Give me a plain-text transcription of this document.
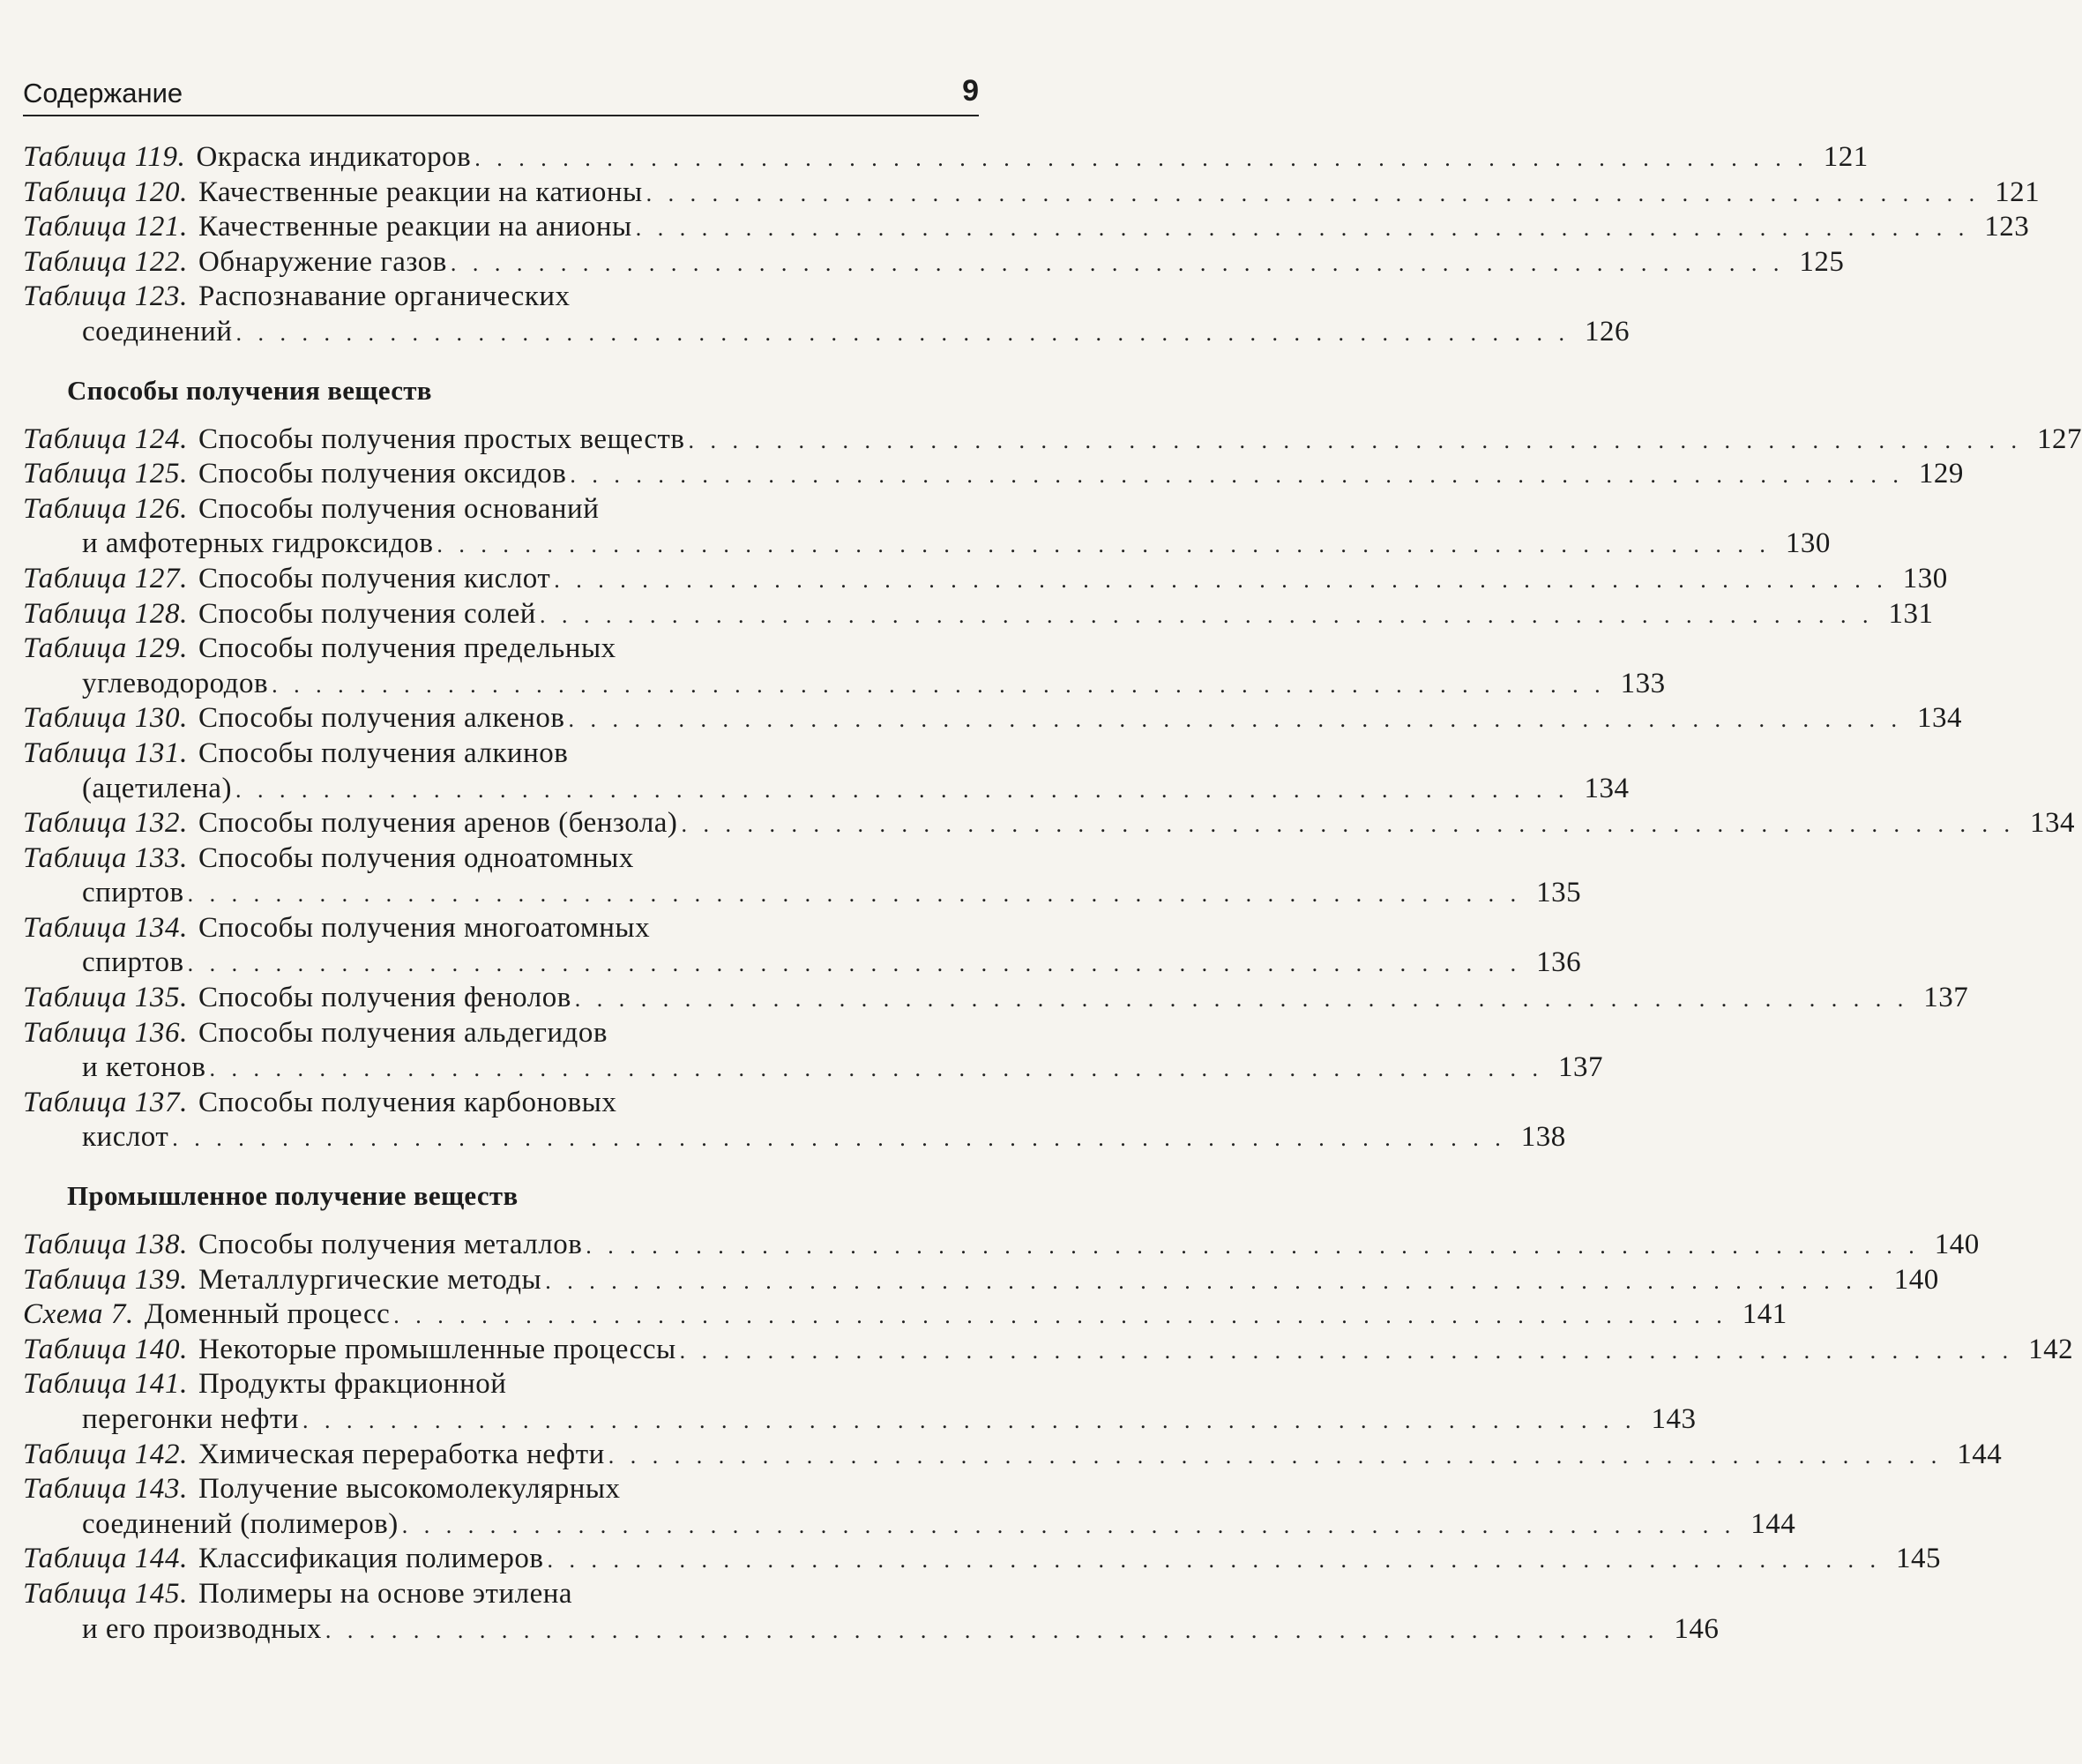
Содержание	9
Таблица 119. Окраска индикаторов . . . . . . . . . . . . . . . . . . . . . . . . . . . . . . . . . . . . . . . . . . . . . . . . . . . . . . . . . . . . . 121
Таблица 120. Качественные реакции на катионы . . . . . . . . . . . . . . . . . . . . . . . . . . . . . . . . . . . . . . . . . . . . . . . . . . . . . . . . . . . . . 121
Таблица 121. Качественные реакции на анионы . . . . . . . . . . . . . . . . . . . . . . . . . . . . . . . . . . . . . . . . . . . . . . . . . . . . . . . . . . . . . 123
Таблица 122. Обнаружение газов . . . . . . . . . . . . . . . . . . . . . . . . . . . . . . . . . . . . . . . . . . . . . . . . . . . . . . . . . . . . . 125
Таблица 123. Распознавание органических
соединений . . . . . . . . . . . . . . . . . . . . . . . . . . . . . . . . . . . . . . . . . . . . . . . . . . . . . . . . . . . . . 126
Способы получения веществ
Таблица 124. Способы получения простых веществ . . . . . . . . . . . . . . . . . . . . . . . . . . . . . . . . . . . . . . . . . . . . . . . . . . . . . . . . . . . . . 127
Таблица 125. Способы получения оксидов . . . . . . . . . . . . . . . . . . . . . . . . . . . . . . . . . . . . . . . . . . . . . . . . . . . . . . . . . . . . . 129
Таблица 126. Способы получения оснований
и амфотерных гидроксидов . . . . . . . . . . . . . . . . . . . . . . . . . . . . . . . . . . . . . . . . . . . . . . . . . . . . . . . . . . . . . 130
Таблица 127. Способы получения кислот . . . . . . . . . . . . . . . . . . . . . . . . . . . . . . . . . . . . . . . . . . . . . . . . . . . . . . . . . . . . . 130
Таблица 128. Способы получения солей . . . . . . . . . . . . . . . . . . . . . . . . . . . . . . . . . . . . . . . . . . . . . . . . . . . . . . . . . . . . . 131
Таблица 129. Способы получения предельных
углеводородов . . . . . . . . . . . . . . . . . . . . . . . . . . . . . . . . . . . . . . . . . . . . . . . . . . . . . . . . . . . . . 133
Таблица 130. Способы получения алкенов . . . . . . . . . . . . . . . . . . . . . . . . . . . . . . . . . . . . . . . . . . . . . . . . . . . . . . . . . . . . . 134
Таблица 131. Способы получения алкинов
(ацетилена) . . . . . . . . . . . . . . . . . . . . . . . . . . . . . . . . . . . . . . . . . . . . . . . . . . . . . . . . . . . . . 134
Таблица 132. Способы получения аренов (бензола) . . . . . . . . . . . . . . . . . . . . . . . . . . . . . . . . . . . . . . . . . . . . . . . . . . . . . . . . . . . . . 134
Таблица 133. Способы получения одноатомных
спиртов . . . . . . . . . . . . . . . . . . . . . . . . . . . . . . . . . . . . . . . . . . . . . . . . . . . . . . . . . . . . . 135
Таблица 134. Способы получения многоатомных
спиртов . . . . . . . . . . . . . . . . . . . . . . . . . . . . . . . . . . . . . . . . . . . . . . . . . . . . . . . . . . . . . 136
Таблица 135. Способы получения фенолов . . . . . . . . . . . . . . . . . . . . . . . . . . . . . . . . . . . . . . . . . . . . . . . . . . . . . . . . . . . . . 137
Таблица 136. Способы получения альдегидов
и кетонов . . . . . . . . . . . . . . . . . . . . . . . . . . . . . . . . . . . . . . . . . . . . . . . . . . . . . . . . . . . . . 137
Таблица 137. Способы получения карбоновых
кислот . . . . . . . . . . . . . . . . . . . . . . . . . . . . . . . . . . . . . . . . . . . . . . . . . . . . . . . . . . . . . 138
Промышленное получение веществ
Таблица 138. Способы получения металлов . . . . . . . . . . . . . . . . . . . . . . . . . . . . . . . . . . . . . . . . . . . . . . . . . . . . . . . . . . . . . 140
Таблица 139. Металлургические методы . . . . . . . . . . . . . . . . . . . . . . . . . . . . . . . . . . . . . . . . . . . . . . . . . . . . . . . . . . . . . 140
Схема 7. Доменный процесс . . . . . . . . . . . . . . . . . . . . . . . . . . . . . . . . . . . . . . . . . . . . . . . . . . . . . . . . . . . . . 141
Таблица 140. Некоторые промышленные процессы . . . . . . . . . . . . . . . . . . . . . . . . . . . . . . . . . . . . . . . . . . . . . . . . . . . . . . . . . . . . . 142
Таблица 141. Продукты фракционной
перегонки нефти . . . . . . . . . . . . . . . . . . . . . . . . . . . . . . . . . . . . . . . . . . . . . . . . . . . . . . . . . . . . . 143
Таблица 142. Химическая переработка нефти . . . . . . . . . . . . . . . . . . . . . . . . . . . . . . . . . . . . . . . . . . . . . . . . . . . . . . . . . . . . . 144
Таблица 143. Получение высокомолекулярных
соединений (полимеров) . . . . . . . . . . . . . . . . . . . . . . . . . . . . . . . . . . . . . . . . . . . . . . . . . . . . . . . . . . . . . 144
Таблица 144. Классификация полимеров . . . . . . . . . . . . . . . . . . . . . . . . . . . . . . . . . . . . . . . . . . . . . . . . . . . . . . . . . . . . . 145
Таблица 145. Полимеры на основе этилена
и его производных . . . . . . . . . . . . . . . . . . . . . . . . . . . . . . . . . . . . . . . . . . . . . . . . . . . . . . . . . . . . . 146
